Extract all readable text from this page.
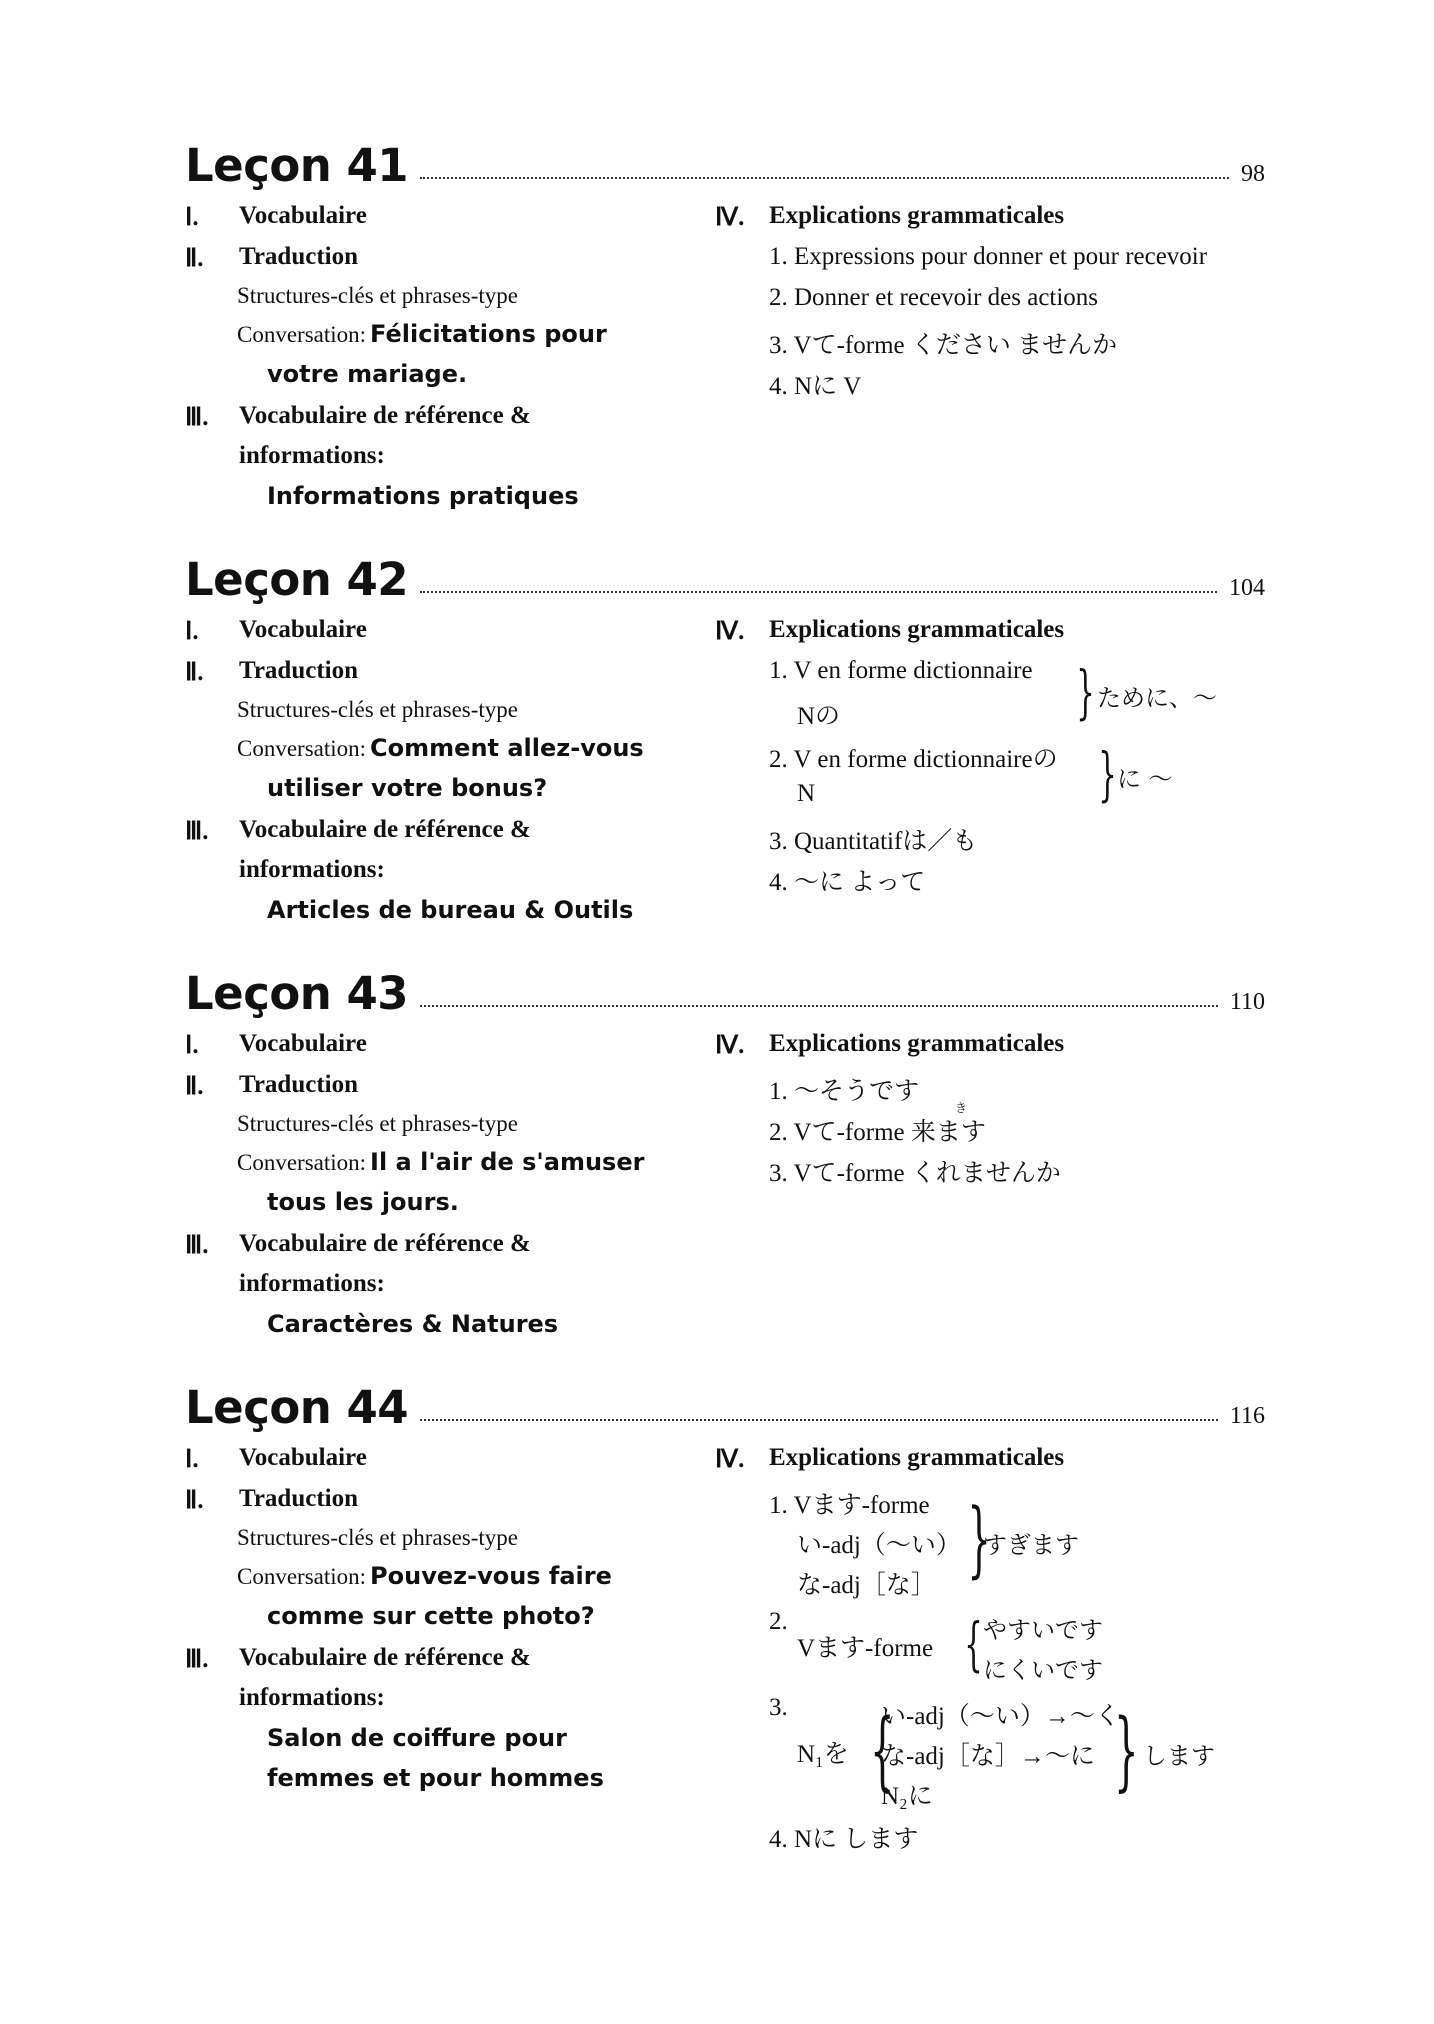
Leçon 41	98
Ⅰ.	Vocabulaire
Ⅱ.	Traduction
Structures-clés et phrases-type
Conversation: Félicitations pour
votre mariage.
Ⅲ.	Vocabulaire de référence &
informations:
Informations pratiques
Ⅳ. Explications grammaticales
1. Expressions pour donner et pour recevoir
2. Donner et recevoir des actions
3. Vて-forme ください ませんか
4. Nに V
Leçon 42	104
Ⅰ.	Vocabulaire
Ⅱ.	Traduction
Structures-clés et phrases-type
Conversation: Comment allez-vous
utiliser votre bonus?
Ⅲ.	Vocabulaire de référence &
informations:
Articles de bureau & Outils
Ⅳ. Explications grammaticales
1. V en forme dictionnaire
Nの	} ために、～
2. V en forme dictionnaireの
N	} に ～
3. Quantitatifは／も
4. ～に よって
Leçon 43	110
Ⅰ.	Vocabulaire
Ⅱ.	Traduction
Structures-clés et phrases-type
Conversation: Il a l'air de s'amuser
tous les jours.
Ⅲ.	Vocabulaire de référence &
informations:
Caractères & Natures
Ⅳ. Explications grammaticales
1. ～そうです
き
2. Vて-forme 来ます
3. Vて-forme くれませんか
Leçon 44	116
Ⅰ.	Vocabulaire
Ⅱ.	Traduction
Structures-clés et phrases-type
Conversation: Pouvez-vous faire
comme sur cette photo?
Ⅲ.	Vocabulaire de référence &
informations:
Salon de coiffure pour
femmes et pour hommes
Ⅳ. Explications grammaticales
1. Vます-forme
い-adj（～い）
な-adj［な］ }
すぎます
2.
Vます-forme { やすいです
にくいです
3.
N₁を {
い-adj（～い）→～く
な-adj［な］→～に
N₂に } します
4. Nに します
